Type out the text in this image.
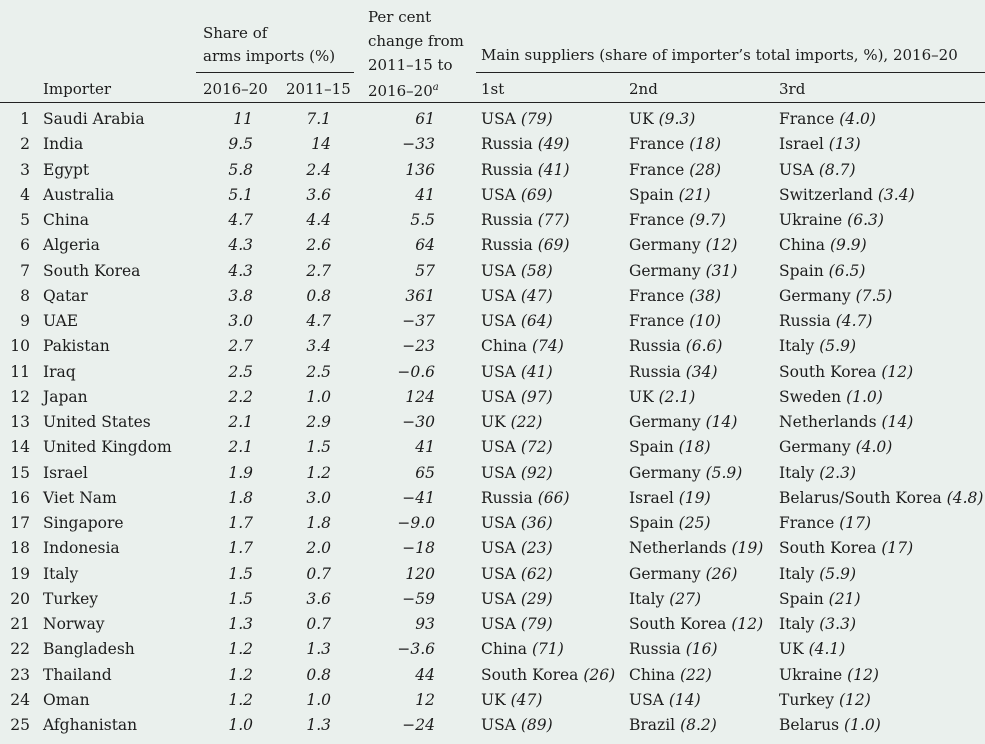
Share of
arms imports (%)
Per cent
change from
2011–15 to
2016–20$^a$
Main suppliers (share of importer’s total imports, %), 2016–20
Importer	2016–20 2011–15	1st	2nd	3rd
1 Saudi Arabia	11	7.1	61	USA (79)	UK (9.3)	France (4.0)
2 India	9.5	14	−33	Russia (49)	France (18)	Israel (13)
3 Egypt	5.8	2.4	136	Russia (41)	France (28)	USA (8.7)
4 Australia	5.1	3.6	41	USA (69)	Spain (21)	Switzerland (3.4)
5 China	4.7	4.4	5.5	Russia (77)	France (9.7)	Ukraine (6.3)
6 Algeria	4.3	2.6	64	Russia (69)	Germany (12)	China (9.9)
7 South Korea	4.3	2.7	57	USA (58)	Germany (31)	Spain (6.5)
8 Qatar	3.8	0.8	361	USA (47)	France (38)	Germany (7.5)
9 UAE	3.0	4.7	−37	USA (64)	France (10)	Russia (4.7)
10 Pakistan	2.7	3.4	−23	China (74)	Russia (6.6)	Italy (5.9)
11 Iraq	2.5	2.5	−0.6	USA (41)	Russia (34)	South Korea (12)
12 Japan	2.2	1.0	124	USA (97)	UK (2.1)	Sweden (1.0)
13 United States	2.1	2.9	−30	UK (22)	Germany (14)	Netherlands (14)
14 United Kingdom	2.1	1.5	41	USA (72)	Spain (18)	Germany (4.0)
15 Israel	1.9	1.2	65	USA (92)	Germany (5.9) Italy (2.3)
16 Viet Nam	1.8	3.0	−41	Russia (66)	Israel (19)	Belarus/South Korea (4.8)
17 Singapore	1.7	1.8	−9.0	USA (36)	Spain (25)	France (17)
18 Indonesia	1.7	2.0	−18	USA (23)	Netherlands (19) South Korea (17)
19 Italy	1.5	0.7	120	USA (62)	Germany (26)	Italy (5.9)
20 Turkey	1.5	3.6	−59	USA (29)	Italy (27)	Spain (21)
21 Norway	1.3	0.7	93	USA (79)	South Korea (12) Italy (3.3)
22 Bangladesh	1.2	1.3	−3.6	China (71)	Russia (16)	UK (4.1)
23 Thailand	1.2	0.8	44	South Korea (26) China (22)	Ukraine (12)
24 Oman	1.2	1.0	12	UK (47)	USA (14)	Turkey (12)
25 Afghanistan	1.0	1.3	−24	USA (89)	Brazil (8.2)	Belarus (1.0)
